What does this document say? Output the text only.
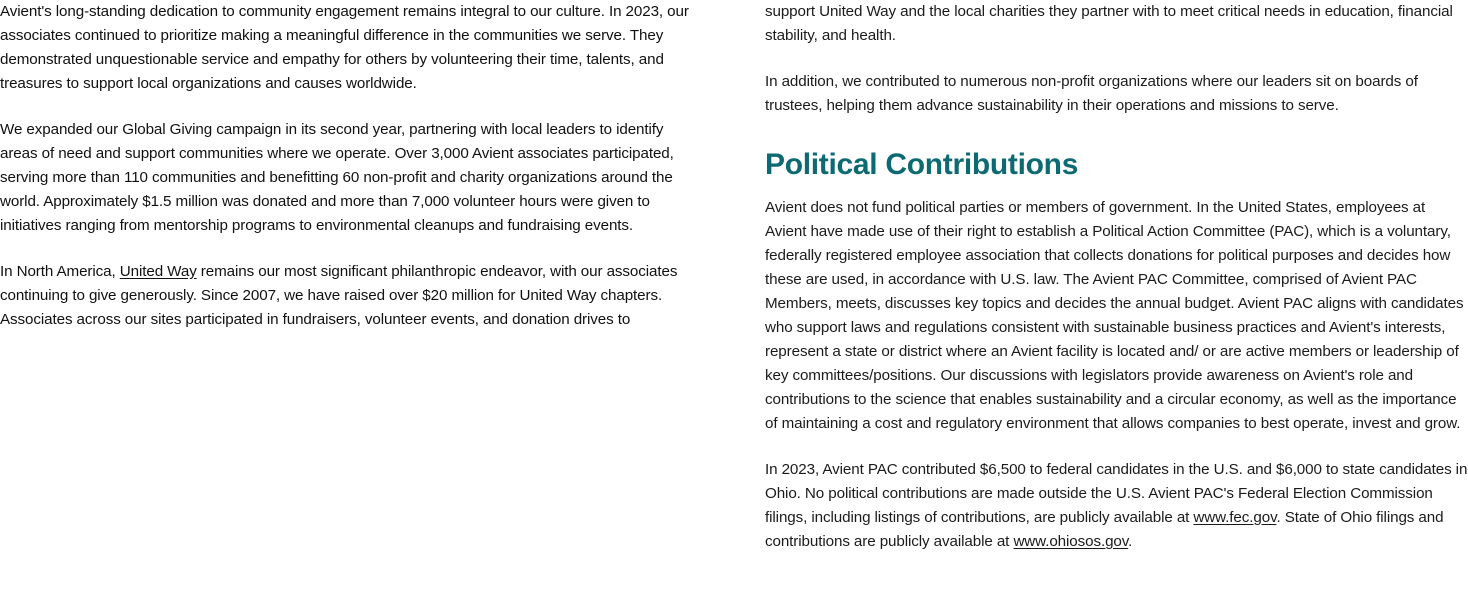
Avient's long-standing dedication to community engagement remains integral to our culture. In 2023, our associates continued to prioritize making a meaningful difference in the communities we serve. They demonstrated unquestionable service and empathy for others by volunteering their time, talents, and treasures to support local organizations and causes worldwide.

We expanded our Global Giving campaign in its second year, partnering with local leaders to identify areas of need and support communities where we operate. Over 3,000 Avient associates participated, serving more than 110 communities and benefitting 60 non-profit and charity organizations around the world. Approximately $1.5 million was donated and more than 7,000 volunteer hours were given to initiatives ranging from mentorship programs to environmental cleanups and fundraising events.

In North America, United Way remains our most significant philanthropic endeavor, with our associates continuing to give generously. Since 2007, we have raised over $20 million for United Way chapters. Associates across our sites participated in fundraisers, volunteer events, and donation drives to

support United Way and the local charities they partner with to meet critical needs in education, financial stability, and health.

In addition, we contributed to numerous non-profit organizations where our leaders sit on boards of trustees, helping them advance sustainability in their operations and missions to serve.

Political Contributions

Avient does not fund political parties or members of government. In the United States, employees at Avient have made use of their right to establish a Political Action Committee (PAC), which is a voluntary, federally registered employee association that collects donations for political purposes and decides how these are used, in accordance with U.S. law. The Avient PAC Committee, comprised of Avient PAC Members, meets, discusses key topics and decides the annual budget. Avient PAC aligns with candidates who support laws and regulations consistent with sustainable business practices and Avient's interests, represent a state or district where an Avient facility is located and/ or are active members or leadership of key committees/positions. Our discussions with legislators provide awareness on Avient's role and contributions to the science that enables sustainability and a circular economy, as well as the importance of maintaining a cost and regulatory environment that allows companies to best operate, invest and grow.

In 2023, Avient PAC contributed $6,500 to federal candidates in the U.S. and $6,000 to state candidates in Ohio. No political contributions are made outside the U.S. Avient PAC's Federal Election Commission filings, including listings of contributions, are publicly available at www.fec.gov. State of Ohio filings and contributions are publicly available at www.ohiosos.gov.
